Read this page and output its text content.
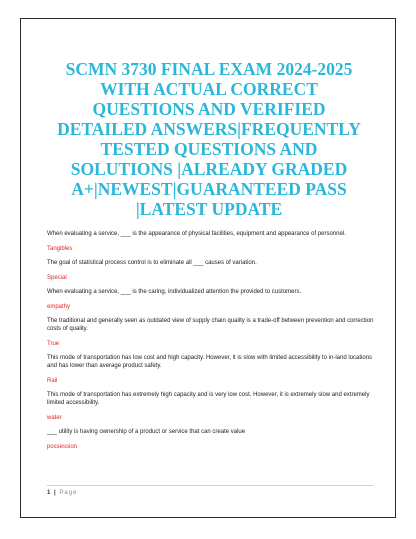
SCMN 3730 FINAL EXAM 2024-2025 WITH ACTUAL CORRECT QUESTIONS AND VERIFIED DETAILED ANSWERS|FREQUENTLY TESTED QUESTIONS AND SOLUTIONS |ALREADY GRADED A+|NEWEST|GUARANTEED PASS |LATEST UPDATE

When evaluating a service, ___ is the appearance of physical facilities, equipment and appearance of personnel.

Tangibles

The goal of statistical process control is to eliminate all ___ causes of variation.

Special

When evaluating a service, ___ is the caring, individualized attention the provided to customers.

empathy

The traditional and generally seen as outdated view of supply chain quality is a trade-off between prevention and correction costs of quality.

True

This mode of transportation has low cost and high capacity. However, it is slow with limited accessibility to in-land locations and has lower than average product safety.

Rail

This mode of transportation has extremely high capacity and is very low cost. However, it is extremely slow and extremely limited accessibility.

water

___ utility is having ownership of a product or service that can create value

possession

1 | Page
